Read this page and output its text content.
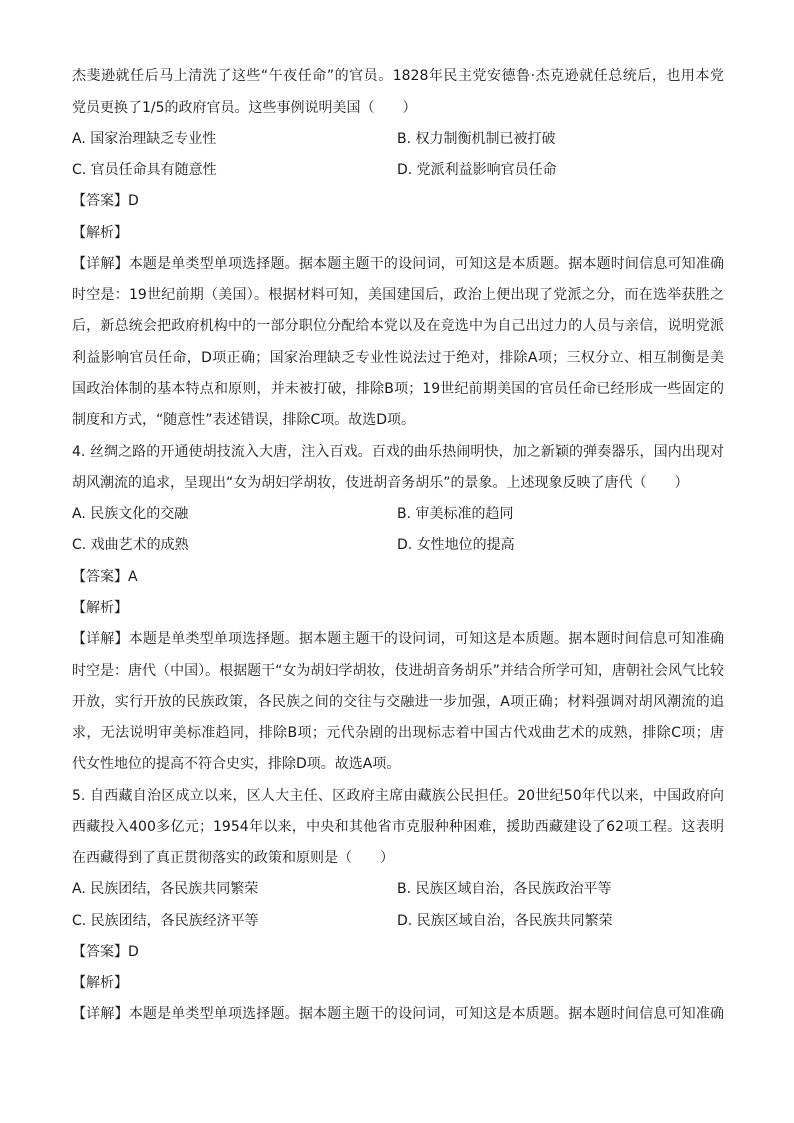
杰斐逊就任后马上清洗了这些“午夜任命”的官员。1828年民主党安德鲁·杰克逊就任总统后，也用本党
党员更换了1/5的政府官员。这些事例说明美国（　　）
A. 国家治理缺乏专业性	B. 权力制衡机制已被打破
C. 官员任命具有随意性	D. 党派利益影响官员任命
【答案】D
【解析】
【详解】本题是单类型单项选择题。据本题主题干的设问词，可知这是本质题。据本题时间信息可知准确
时空是：19世纪前期（美国）。根据材料可知，美国建国后，政治上便出现了党派之分，而在选举获胜之
后，新总统会把政府机构中的一部分职位分配给本党以及在竞选中为自己出过力的人员与亲信，说明党派
利益影响官员任命，D项正确；国家治理缺乏专业性说法过于绝对，排除A项；三权分立、相互制衡是美
国政治体制的基本特点和原则，并未被打破，排除B项；19世纪前期美国的官员任命已经形成一些固定的
制度和方式，“随意性”表述错误，排除C项。故选D项。
4. 丝绸之路的开通使胡技流入大唐，注入百戏。百戏的曲乐热闹明快，加之新颖的弹奏器乐，国内出现对
胡风潮流的追求，呈现出“女为胡妇学胡妆，伎进胡音务胡乐”的景象。上述现象反映了唐代（　　）
A. 民族文化的交融	B. 审美标准的趋同
C. 戏曲艺术的成熟	D. 女性地位的提高
【答案】A
【解析】
【详解】本题是单类型单项选择题。据本题主题干的设问词，可知这是本质题。据本题时间信息可知准确
时空是：唐代（中国）。根据题干“女为胡妇学胡妆，伎进胡音务胡乐”并结合所学可知，唐朝社会风气比较
开放，实行开放的民族政策，各民族之间的交往与交融进一步加强，A项正确；材料强调对胡风潮流的追
求，无法说明审美标准趋同，排除B项；元代杂剧的出现标志着中国古代戏曲艺术的成熟，排除C项；唐
代女性地位的提高不符合史实，排除D项。故选A项。
5. 自西藏自治区成立以来，区人大主任、区政府主席由藏族公民担任。20世纪50年代以来，中国政府向
西藏投入400多亿元；1954年以来，中央和其他省市克服种种困难，援助西藏建设了62项工程。这表明
在西藏得到了真正贯彻落实的政策和原则是（　　）
A. 民族团结，各民族共同繁荣	B. 民族区域自治，各民族政治平等
C. 民族团结，各民族经济平等	D. 民族区域自治，各民族共同繁荣
【答案】D
【解析】
【详解】本题是单类型单项选择题。据本题主题干的设问词，可知这是本质题。据本题时间信息可知准确
